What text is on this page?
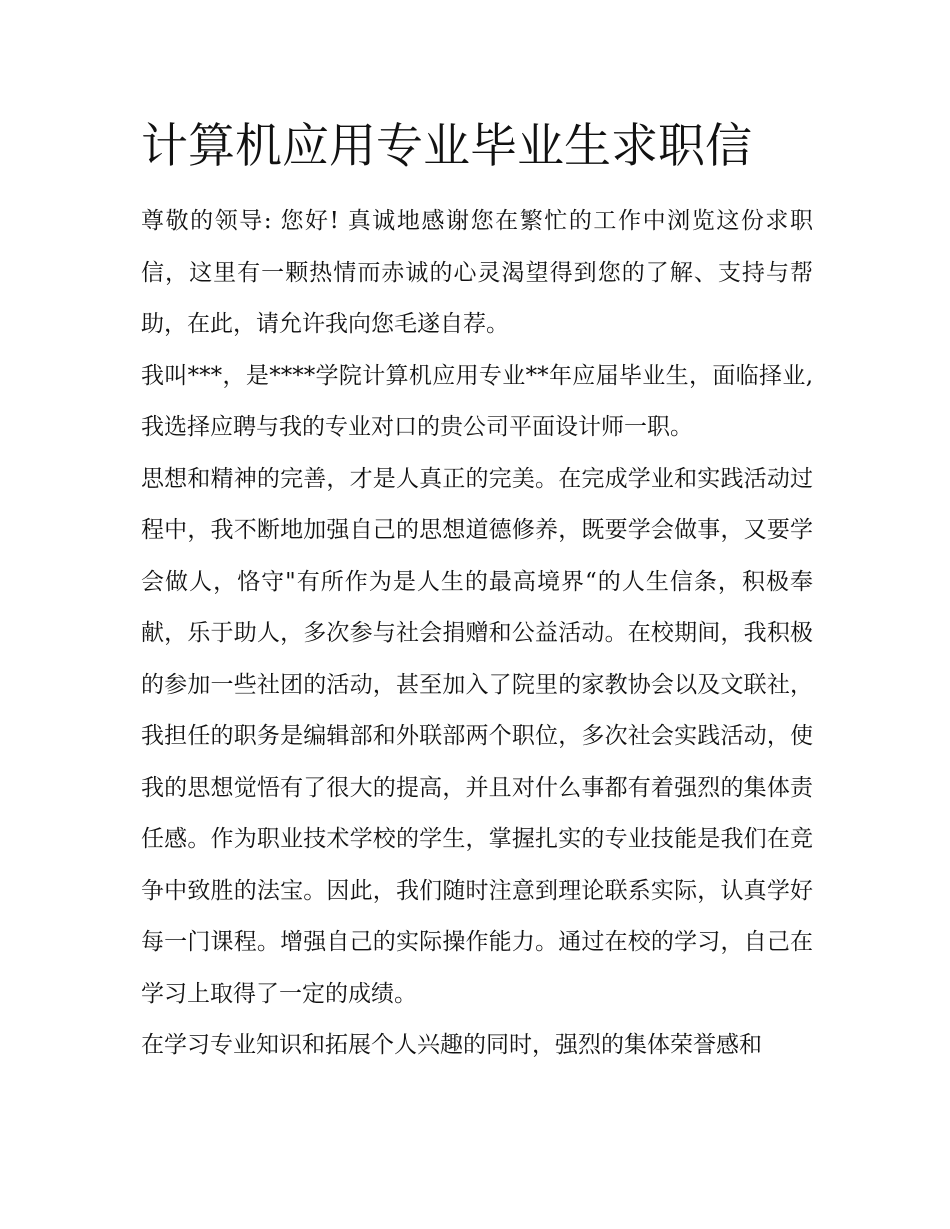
计算机应用专业毕业生求职信

尊敬的领导: 您好! 真诚地感谢您在繁忙的工作中浏览这份求职信，这里有一颗热情而赤诚的心灵渴望得到您的了解、支持与帮助，在此，请允许我向您毛遂自荐。

我叫***，是****学院计算机应用专业**年应届毕业生，面临择业,我选择应聘与我的专业对口的贵公司平面设计师一职。

思想和精神的完善，才是人真正的完美。在完成学业和实践活动过程中，我不断地加强自己的思想道德修养，既要学会做事，又要学会做人，恪守"有所作为是人生的最高境界“的人生信条，积极奉献，乐于助人，多次参与社会捐赠和公益活动。在校期间，我积极的参加一些社团的活动，甚至加入了院里的家教协会以及文联社，我担任的职务是编辑部和外联部两个职位，多次社会实践活动，使我的思想觉悟有了很大的提高，并且对什么事都有着强烈的集体责任感。作为职业技术学校的学生，掌握扎实的专业技能是我们在竞争中致胜的法宝。因此，我们随时注意到理论联系实际，认真学好每一门课程。增强自己的实际操作能力。通过在校的学习，自己在学习上取得了一定的成绩。

在学习专业知识和拓展个人兴趣的同时，强烈的集体荣誉感和
